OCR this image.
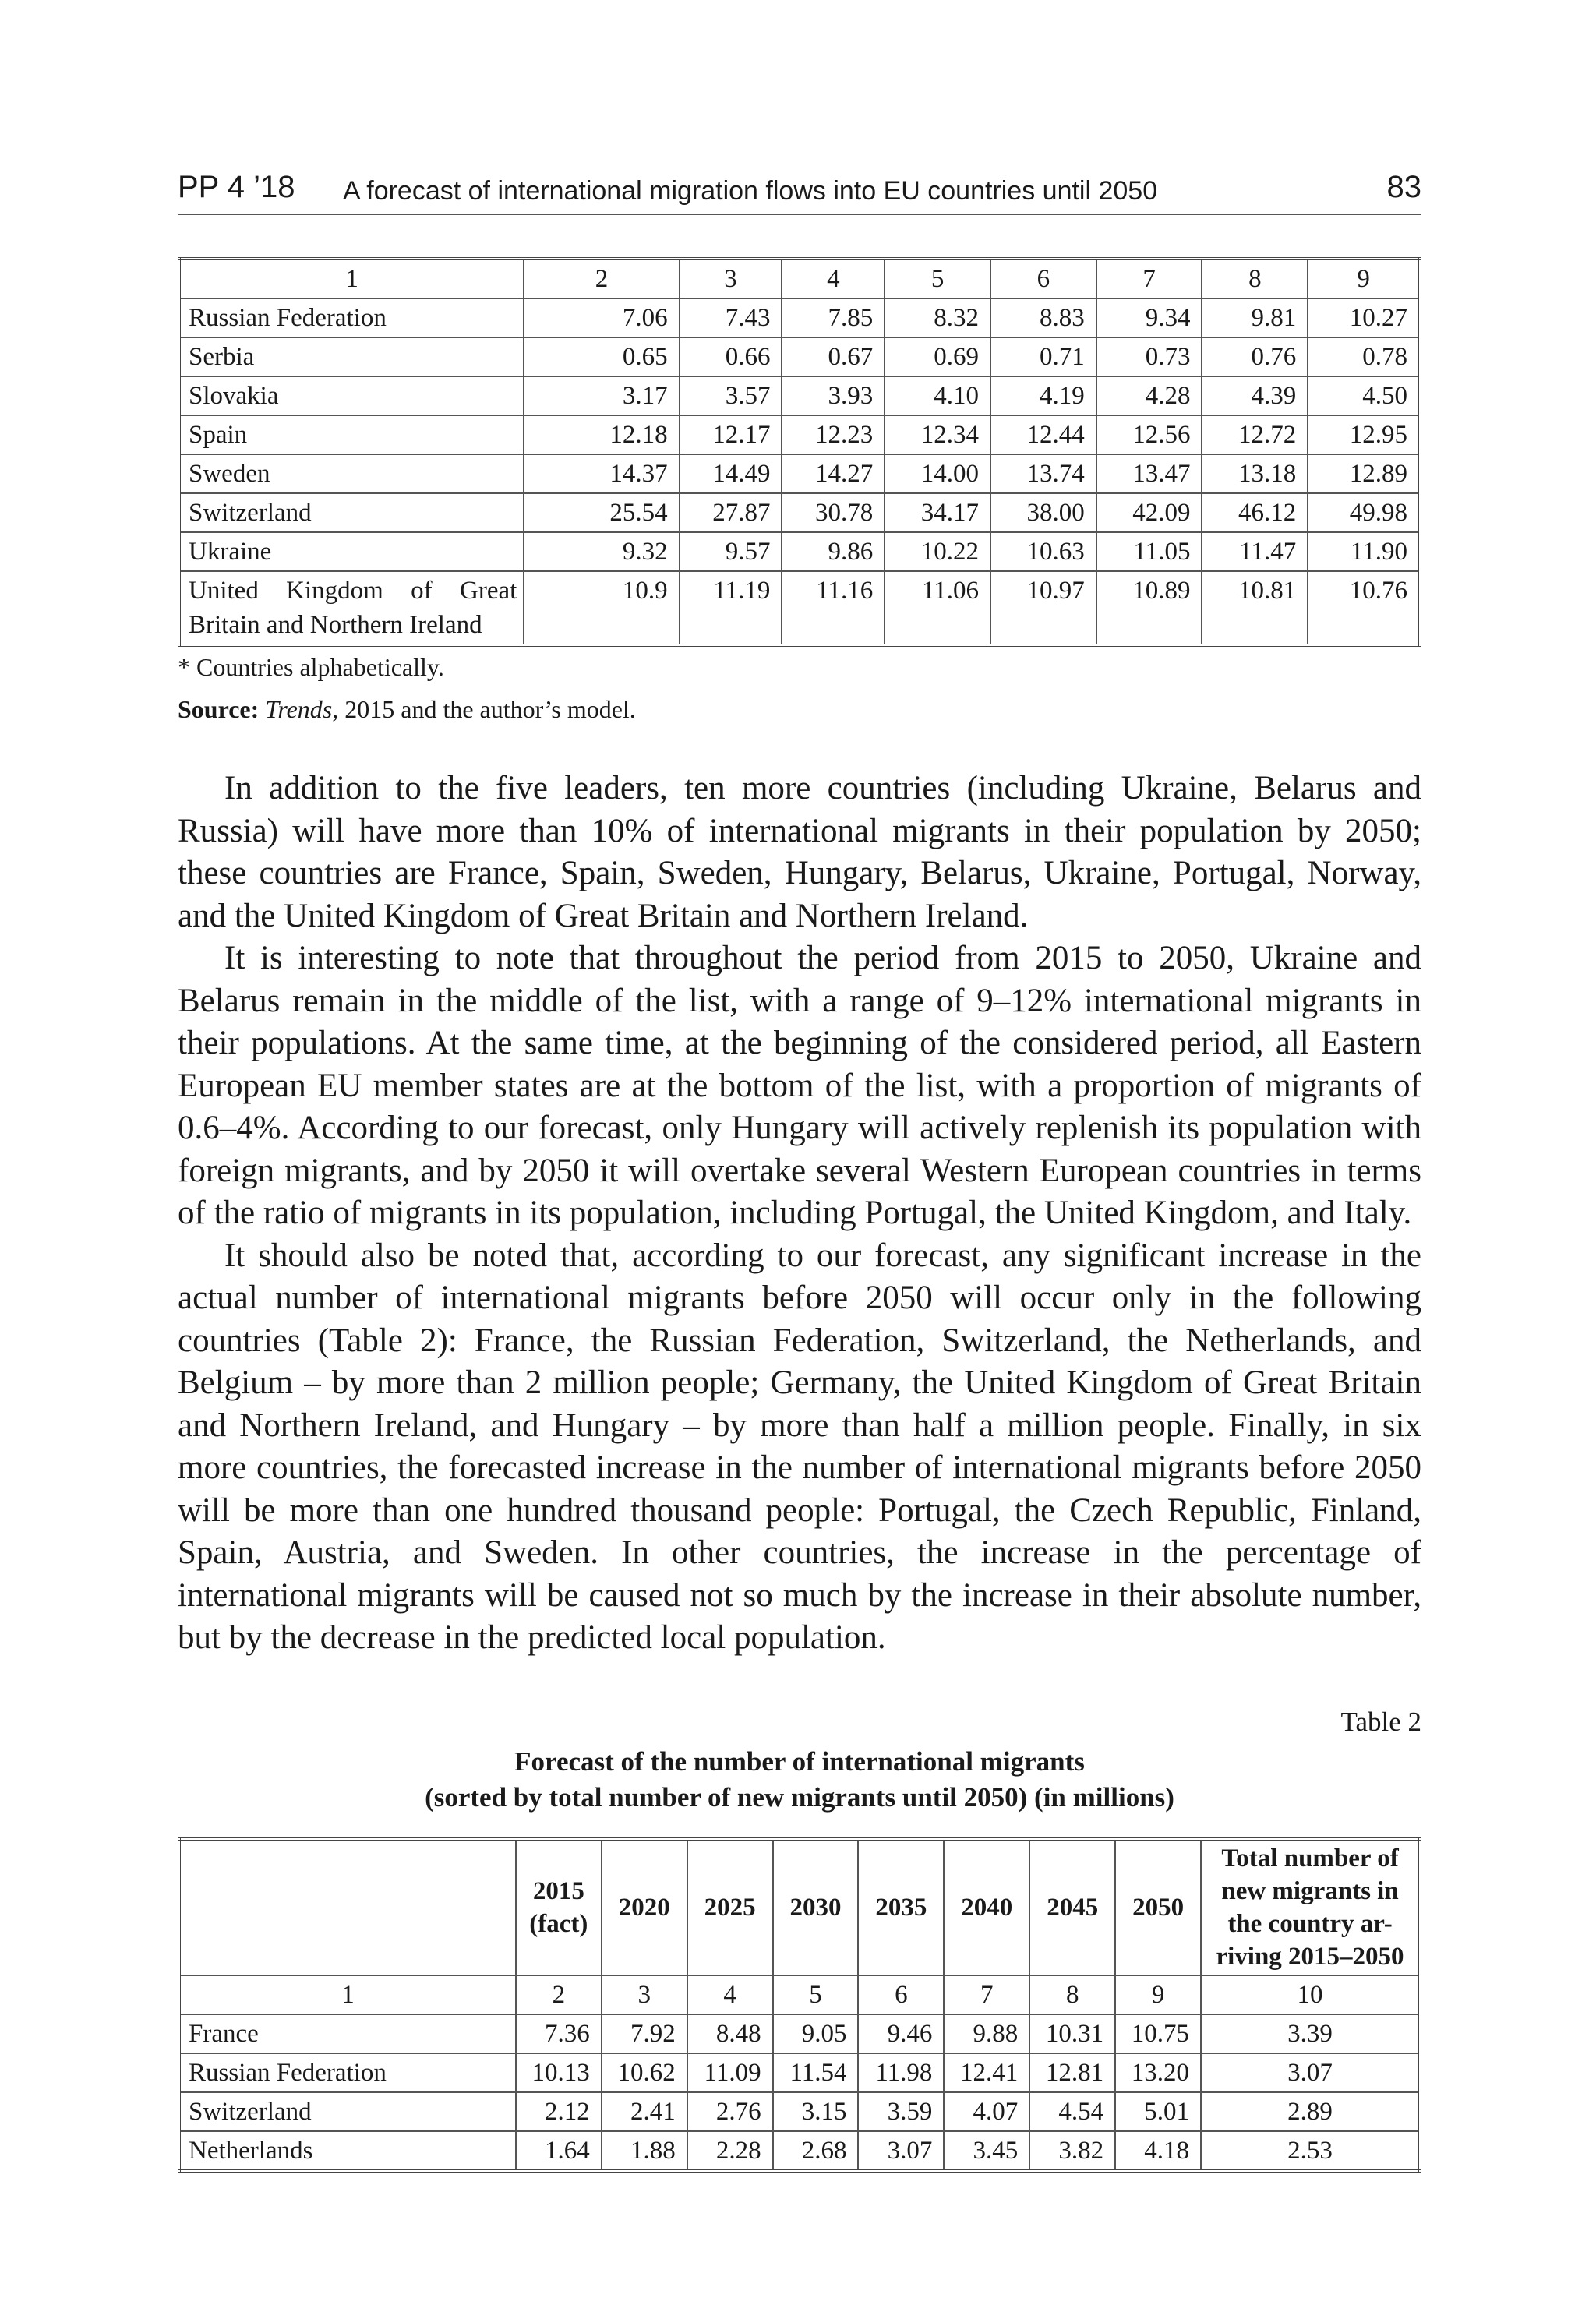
PP 4 ’18 A forecast of international migration flows into EU countries until 2050	83
1	2	3	4	5	6	7	8	9
Russian Federation	7.06	7.43	7.85	8.32	8.83	9.34	9.81	10.27
Serbia	0.65	0.66	0.67	0.69	0.71	0.73	0.76	0.78
Slovakia	3.17	3.57	3.93	4.10	4.19	4.28	4.39	4.50
Spain	12.18	12.17	12.23	12.34	12.44	12.56	12.72	12.95
Sweden	14.37	14.49	14.27	14.00	13.74	13.47	13.18	12.89
Switzerland	25.54	27.87	30.78	34.17	38.00	42.09	46.12	49.98
Ukraine	9.32	9.57	9.86	10.22	10.63	11.05	11.47	11.90
United Kingdom of Great Britain and Northern Ireland	10.9	11.19	11.16	11.06	10.97	10.89	10.81	10.76
* Countries alphabetically.
Source: Trends, 2015 and the author’s model.

In addition to the five leaders, ten more countries (including Ukraine, Belarus and Russia) will have more than 10% of international migrants in their population by 2050; these countries are France, Spain, Sweden, Hungary, Belarus, Ukraine, Portugal, Norway, and the United Kingdom of Great Britain and Northern Ireland.

It is interesting to note that throughout the period from 2015 to 2050, Ukraine and Belarus remain in the middle of the list, with a range of 9–12% international migrants in their populations. At the same time, at the beginning of the considered period, all Eastern European EU member states are at the bottom of the list, with a proportion of migrants of 0.6–4%. According to our forecast, only Hungary will actively replenish its population with foreign migrants, and by 2050 it will overtake several Western European countries in terms of the ratio of migrants in its population, including Portugal, the United Kingdom, and Italy.

It should also be noted that, according to our forecast, any significant increase in the actual number of international migrants before 2050 will occur only in the following countries (Table 2): France, the Russian Federation, Switzerland, the Netherlands, and Belgium – by more than 2 million people; Germany, the United Kingdom of Great Britain and Northern Ireland, and Hungary – by more than half a million people. Finally, in six more countries, the forecasted increase in the number of international migrants before 2050 will be more than one hundred thousand people: Portugal, the Czech Republic, Finland, Spain, Austria, and Sweden. In other countries, the increase in the percentage of international migrants will be caused not so much by the increase in their absolute number, but by the decrease in the predicted local population.

Table 2
Forecast of the number of international migrants
(sorted by total number of new migrants until 2050) (in millions)
	2015
(fact)	2020	2025	2030	2035	2040	2045	2050	Total number of
new migrants in
the country ar-
riving 2015–2050
1	2	3	4	5	6	7	8	9	10
France	7.36	7.92	8.48	9.05	9.46	9.88	10.31	10.75	3.39
Russian Federation	10.13	10.62	11.09	11.54	11.98	12.41	12.81	13.20	3.07
Switzerland	2.12	2.41	2.76	3.15	3.59	4.07	4.54	5.01	2.89
Netherlands	1.64	1.88	2.28	2.68	3.07	3.45	3.82	4.18	2.53
